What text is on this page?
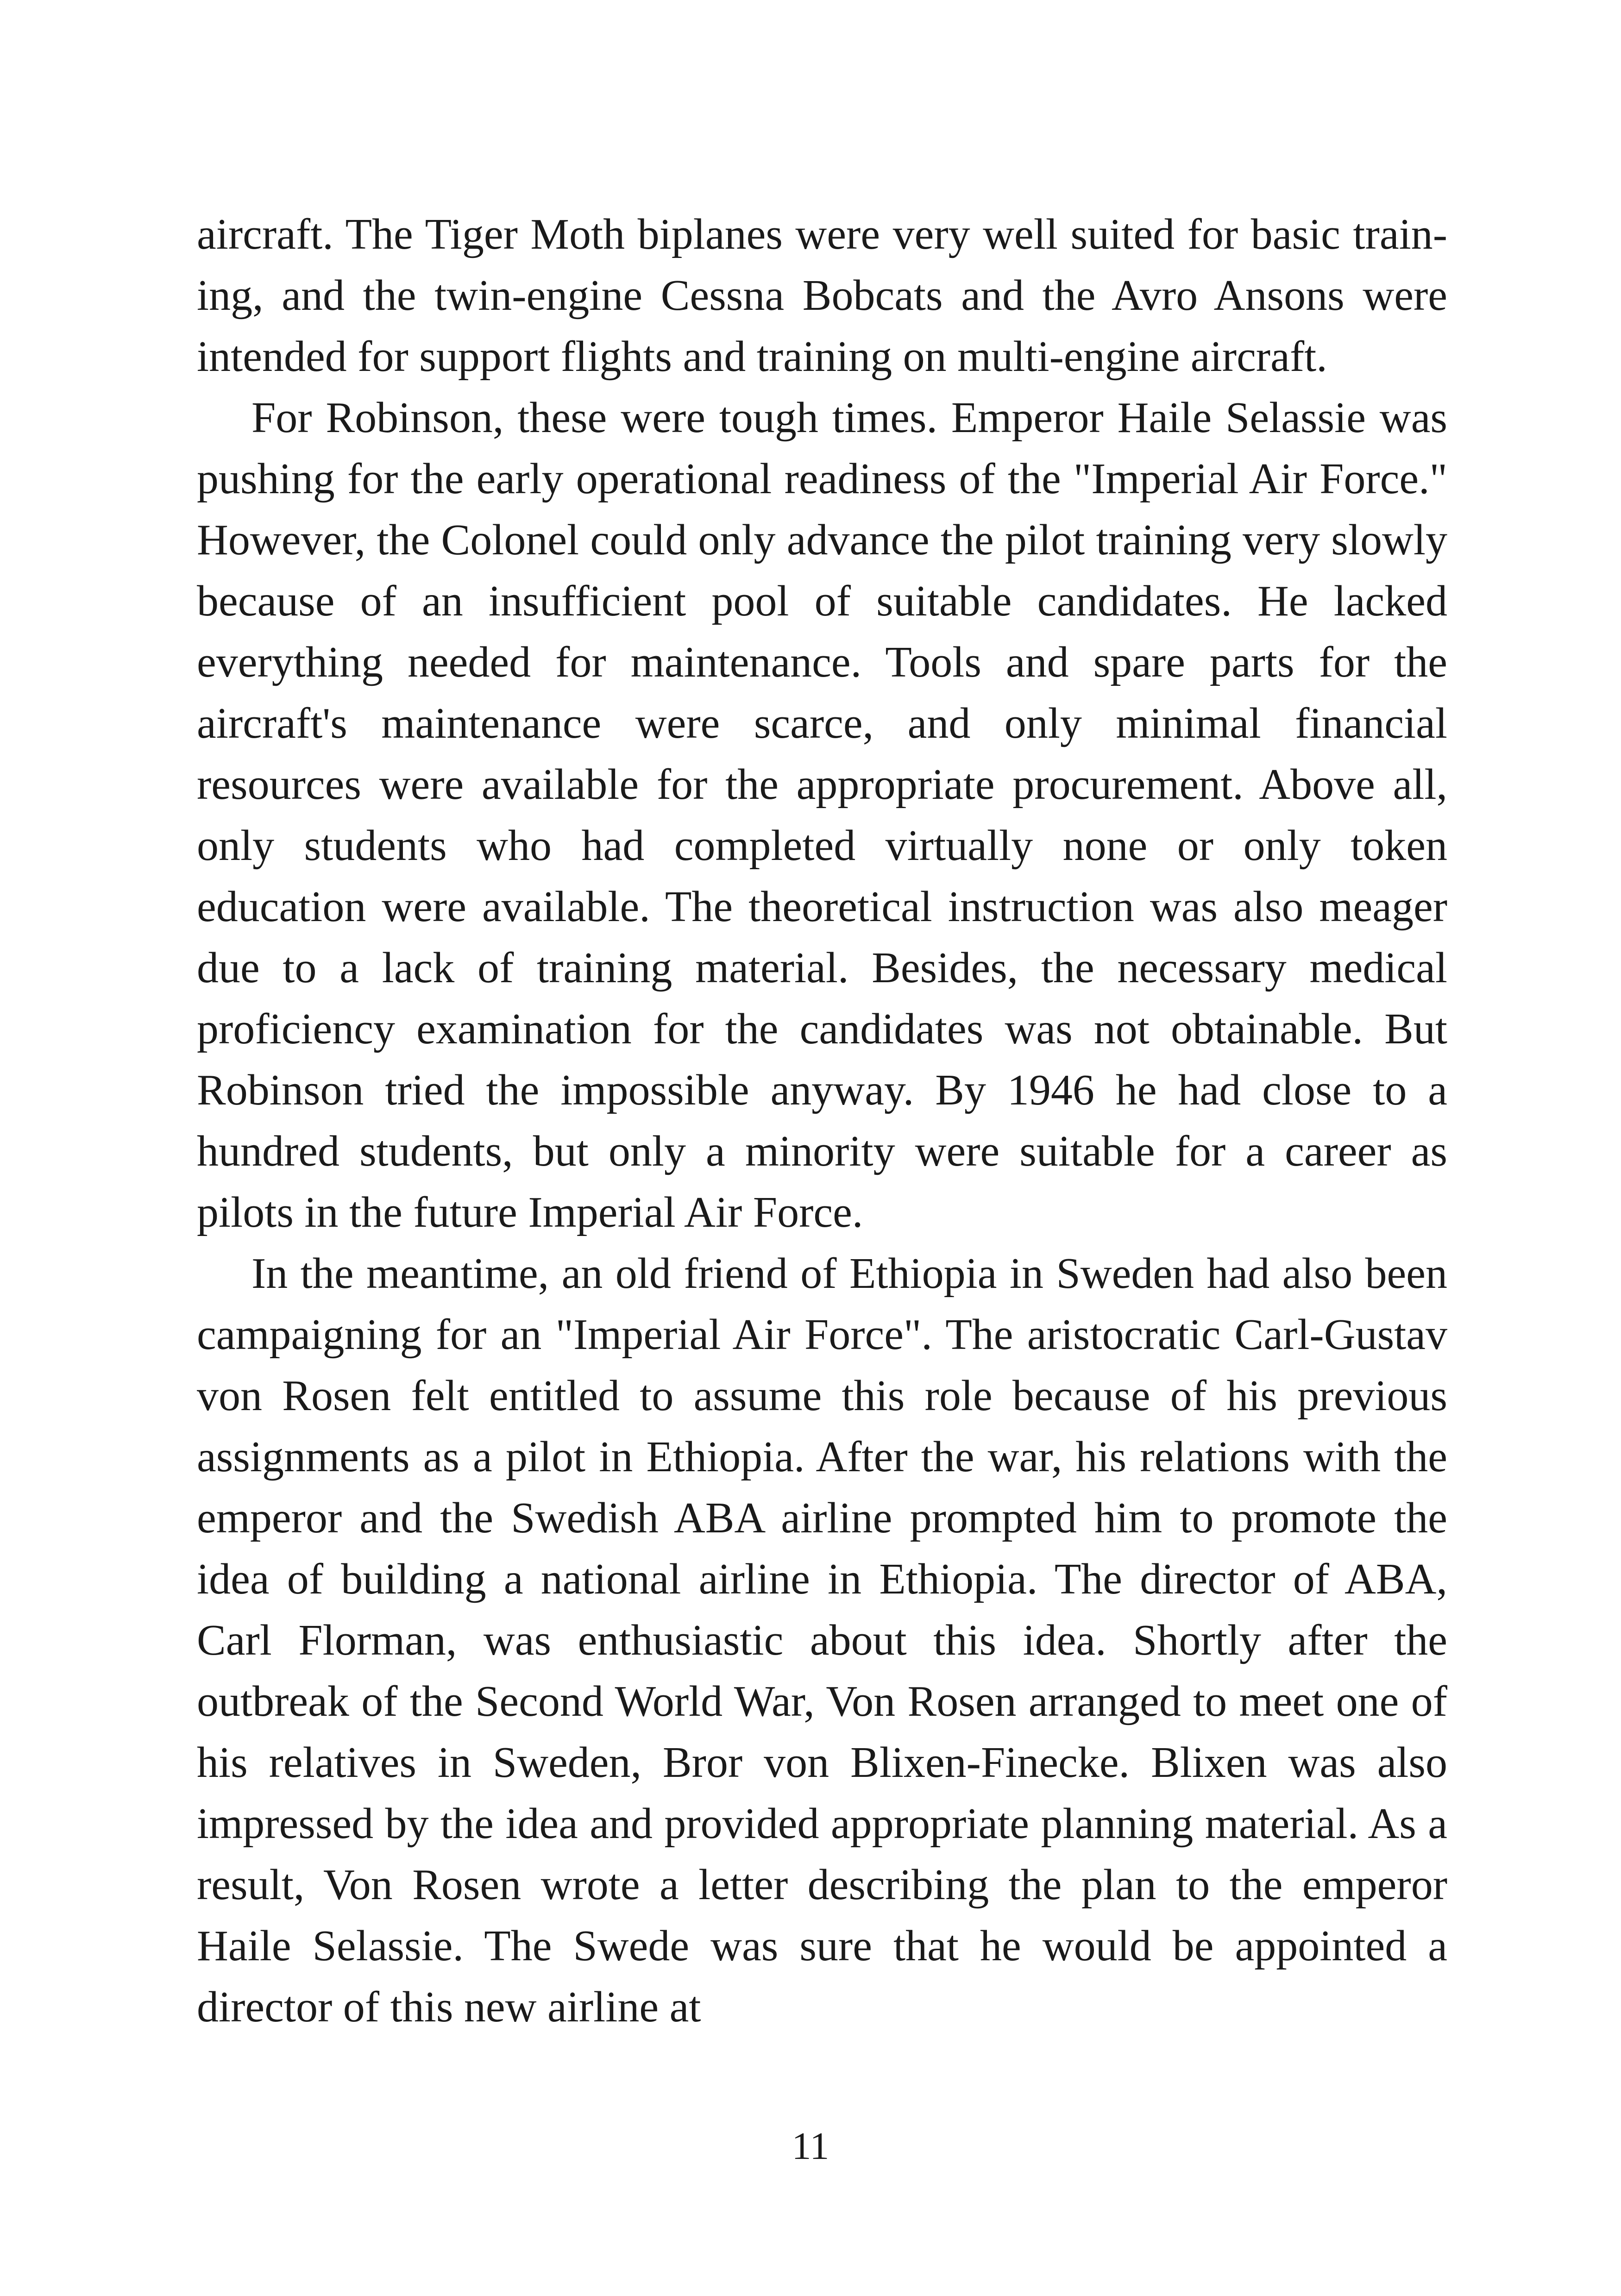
aircraft. The Tiger Moth biplanes were very well suited for basic training, and the twin-engine Cessna Bobcats and the Avro Ansons were intended for support flights and training on multi-engine aircraft.

For Robinson, these were tough times. Emperor Haile Selassie was pushing for the early operational readiness of the "Imperial Air Force." However, the Colonel could only advance the pilot training very slowly because of an insufficient pool of suitable candidates. He lacked everything needed for maintenance. Tools and spare parts for the aircraft's maintenance were scarce, and only minimal financial resources were available for the appropriate procurement. Above all, only students who had completed virtually none or only token education were available. The theoretical instruction was also meager due to a lack of training material. Besides, the necessary medical proficiency examination for the candidates was not obtainable. But Robinson tried the impossible anyway. By 1946 he had close to a hundred students, but only a minority were suitable for a career as pilots in the future Imperial Air Force.

In the meantime, an old friend of Ethiopia in Sweden had also been campaigning for an "Imperial Air Force". The aristocratic Carl-Gustav von Rosen felt entitled to assume this role because of his previous assignments as a pilot in Ethiopia. After the war, his relations with the emperor and the Swedish ABA airline prompted him to promote the idea of building a national airline in Ethiopia. The director of ABA, Carl Florman, was enthusiastic about this idea. Shortly after the outbreak of the Second World War, Von Rosen arranged to meet one of his relatives in Sweden, Bror von Blixen-Finecke. Blixen was also impressed by the idea and provided appropriate planning material. As a result, Von Rosen wrote a letter describing the plan to the emperor Haile Selassie. The Swede was sure that he would be appointed a director of this new airline at

11
